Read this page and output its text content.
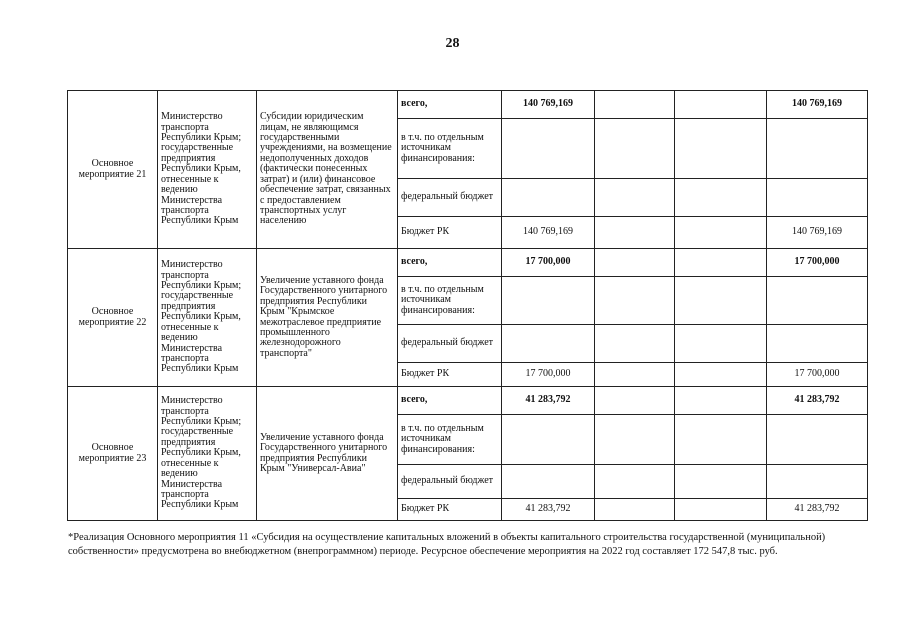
28
Основное мероприятие 21	Министерство транспорта Республики Крым; государственные предприятия Республики Крым, отнесенные к ведению Министерства транспорта Республики Крым	Субсидии юридическим лицам, не являющимся государственными учреждениями, на возмещение недополученных доходов (фактически понесенных затрат) и (или) финансовое обеспечение затрат, связанных с предоставлением транспортных услуг населению	всего,	140 769,169			140 769,169
			в т.ч. по отдельным источникам финансирования:				
			федеральный бюджет				
			Бюджет РК	140 769,169			140 769,169
Основное мероприятие 22	Министерство транспорта Республики Крым; государственные предприятия Республики Крым, отнесенные к ведению Министерства транспорта Республики Крым	Увеличение уставного фонда Государственного унитарного предприятия Республики Крым "Крымское межотраслевое предприятие промышленного железнодорожного транспорта"	всего,	17 700,000			17 700,000
			в т.ч. по отдельным источникам финансирования:				
			федеральный бюджет				
			Бюджет РК	17 700,000			17 700,000
Основное мероприятие 23	Министерство транспорта Республики Крым; государственные предприятия Республики Крым, отнесенные к ведению Министерства транспорта Республики Крым	Увеличение уставного фонда Государственного унитарного предприятия Республики Крым "Универсал-Авиа"	всего,	41 283,792			41 283,792
			в т.ч. по отдельным источникам финансирования:				
			федеральный бюджет				
			Бюджет РК	41 283,792			41 283,792
*Реализация Основного мероприятия 11 «Субсидия на осуществление капитальных вложений в объекты капитального строительства государственной (муниципальной) собственности» предусмотрена во внебюджетном (внепрограммном) периоде. Ресурсное обеспечение мероприятия на 2022 год составляет 172 547,8 тыс. руб.
